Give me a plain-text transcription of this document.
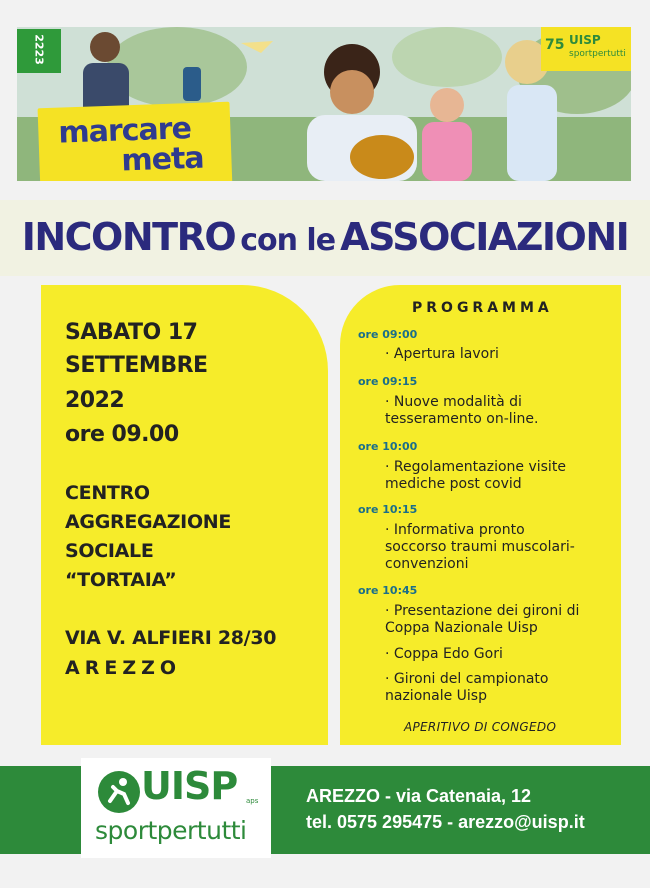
2223
marcare
meta
75 UISP
sportpertutti
INCONTRO con le ASSOCIAZIONI
SABATO 17
SETTEMBRE
2022
ore 09.00
CENTRO
AGGREGAZIONE
SOCIALE
“TORTAIA”
VIA V. ALFIERI 28/30
AREZZO
PROGRAMMA
ore 09:00
· Apertura lavori
ore 09:15
· Nuove modalità di tesseramento on-line.
ore 10:00
· Regolamentazione visite mediche post covid
ore 10:15
· Informativa pronto soccorso traumi muscolari-convenzioni
ore 10:45
· Presentazione dei gironi di Coppa Nazionale Uisp
· Coppa Edo Gori
· Gironi del campionato nazionale Uisp
APERITIVO DI CONGEDO
UISP aps
sportpertutti
AREZZO - via Catenaia, 12
tel. 0575 295475 - arezzo@uisp.it
